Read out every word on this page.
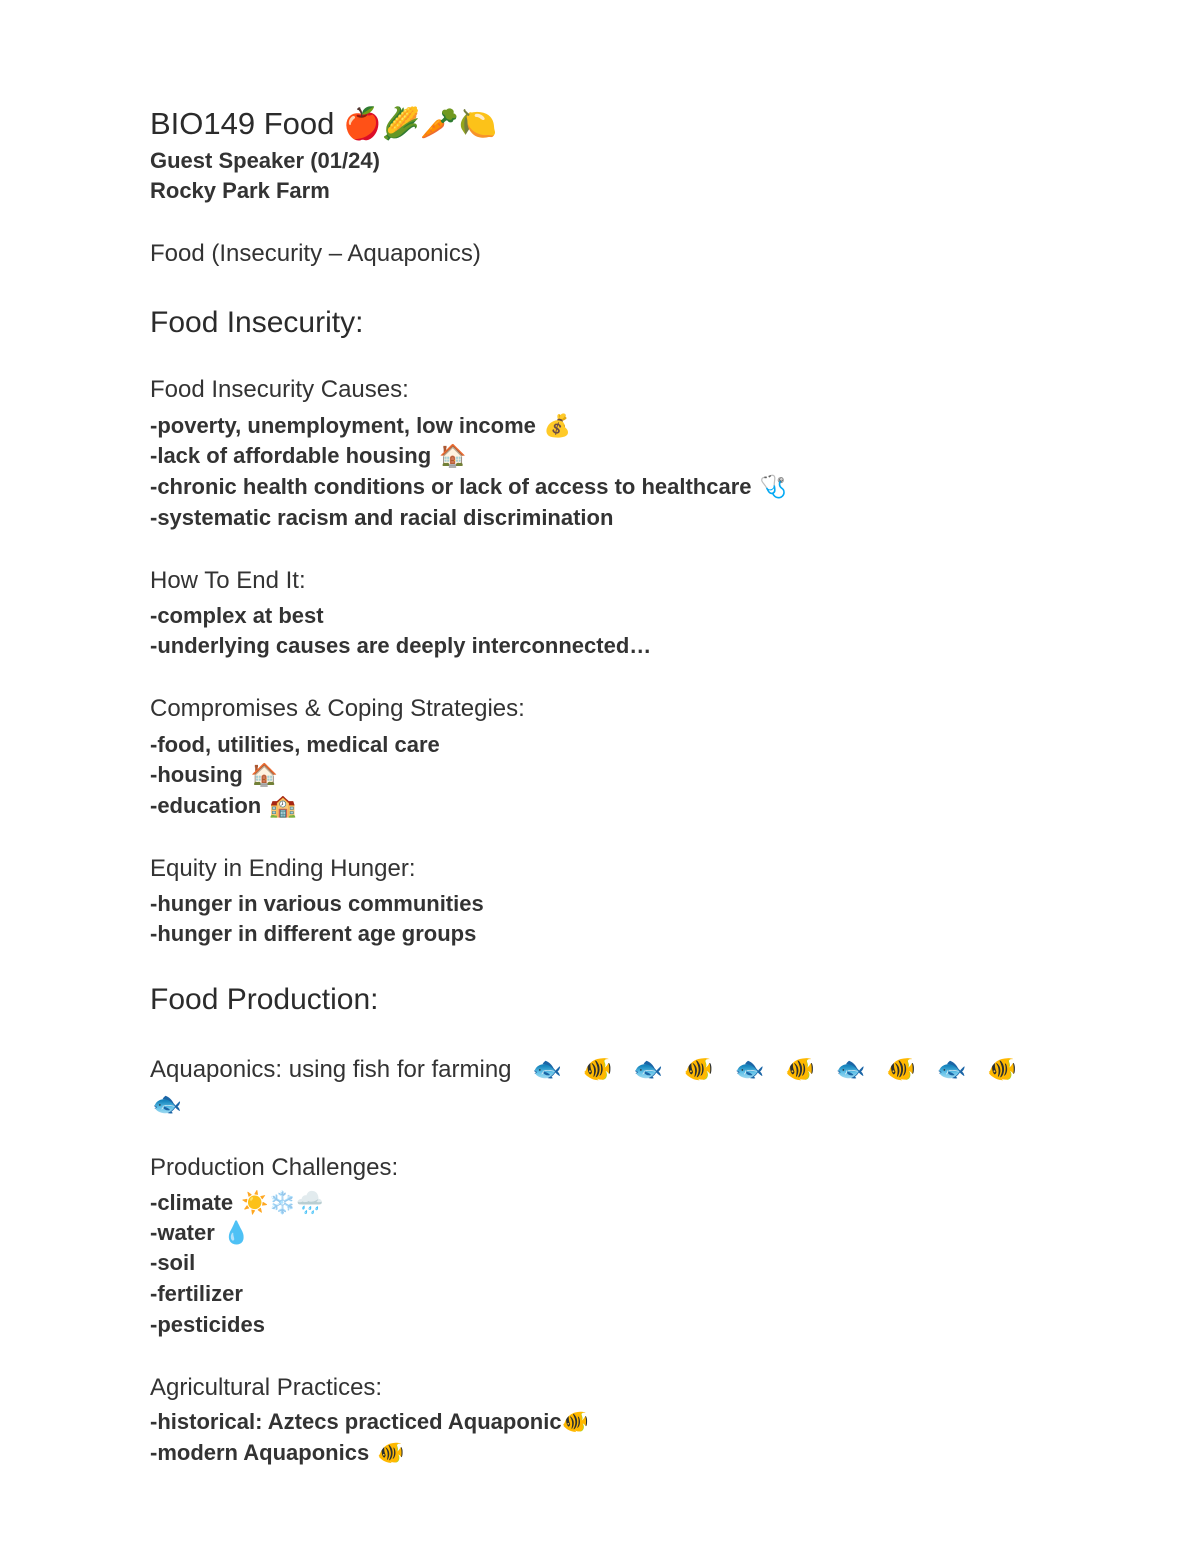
BIO149 Food 🍎🌽🥕🍋
Guest Speaker (01/24)
Rocky Park Farm
Food (Insecurity – Aquaponics)
Food Insecurity:
Food Insecurity Causes:
-poverty, unemployment, low income 💰
-lack of affordable housing 🏠
-chronic health conditions or lack of access to healthcare 🩺
-systematic racism and racial discrimination
How To End It:
-complex at best
-underlying causes are deeply interconnected…
Compromises & Coping Strategies:
-food, utilities, medical care
-housing 🏠
-education 🏫
Equity in Ending Hunger:
-hunger in various communities
-hunger in different age groups
Food Production:
Aquaponics: using fish for farming 🐟 🐠 🐟 🐠 🐟 🐠 🐟 🐠 🐟 🐠 🐟
Production Challenges:
-climate ☀️❄️🌧️
-water 💧
-soil
-fertilizer
-pesticides
Agricultural Practices:
-historical: Aztecs practiced Aquaponic🐠
-modern Aquaponics 🐠
